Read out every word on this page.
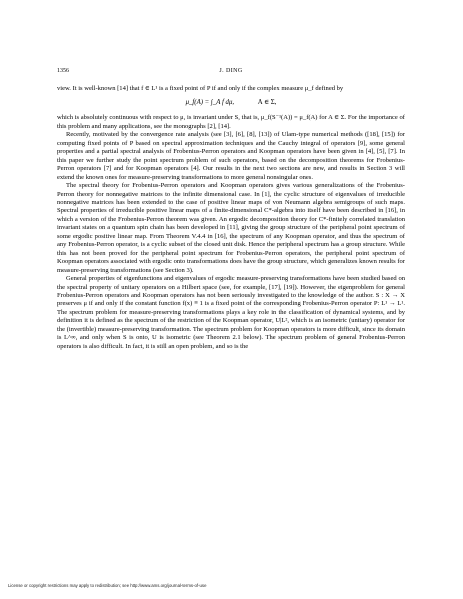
1356	J. DING

view. It is well-known [14] that f ∈ L¹ is a fixed point of P if and only if the complex measure μ_f defined by

μ_f(A) = ∫_A f dμ,	A ∈ Σ,

which is absolutely continuous with respect to μ, is invariant under S, that is, μ_f(S⁻¹(A)) = μ_f(A) for A ∈ Σ. For the importance of this problem and many applications, see the monographs [2], [14].

Recently, motivated by the convergence rate analysis (see [3], [6], [8], [13]) of Ulam-type numerical methods ([18], [15]) for computing fixed points of P based on spectral approximation techniques and the Cauchy integral of operators [9], some general properties and a partial spectral analysis of Frobenius-Perron operators and Koopman operators have been given in [4], [5], [7]. In this paper we further study the point spectrum problem of such operators, based on the decomposition theorems for Frobenius-Perron operators [7] and for Koopman operators [4]. Our results in the next two sections are new, and results in Section 3 will extend the known ones for measure-preserving transformations to more general nonsingular ones.

The spectral theory for Frobenius-Perron operators and Koopman operators gives various generalizations of the Frobenius-Perron theory for nonnegative matrices to the infinite dimensional case. In [1], the cyclic structure of eigenvalues of irreducible nonnegative matrices has been extended to the case of positive linear maps of von Neumann algebra semigroups of such maps. Spectral properties of irreducible positive linear maps of a finite-dimensional C*-algebra into itself have been described in [16], in which a version of the Frobenius-Perron theorem was given. An ergodic decomposition theory for C*-finitely correlated translation invariant states on a quantum spin chain has been developed in [11], giving the group structure of the peripheral point spectrum of some ergodic positive linear map. From Theorem V.4.4 in [16], the spectrum of any Koopman operator, and thus the spectrum of any Frobenius-Perron operator, is a cyclic subset of the closed unit disk. Hence the peripheral spectrum has a group structure. While this has not been proved for the peripheral point spectrum for Frobenius-Perron operators, the peripheral point spectrum of Koopman operators associated with ergodic onto transformations does have the group structure, which generalizes known results for measure-preserving transformations (see Section 3).

General properties of eigenfunctions and eigenvalues of ergodic measure-preserving transformations have been studied based on the spectral property of unitary operators on a Hilbert space (see, for example, [17], [19]). However, the eigenproblem for general Frobenius-Perron operators and Koopman operators has not been seriously investigated to the knowledge of the author. S : X → X preserves μ if and only if the constant function f(x) ≡ 1 is a fixed point of the corresponding Frobenius-Perron operator P: L¹ → L¹. The spectrum problem for measure-preserving transformations plays a key role in the classification of dynamical systems, and by definition it is defined as the spectrum of the restriction of the Koopman operator, U|L², which is an isometric (unitary) operator for the (invertible) measure-preserving transformation. The spectrum problem for Koopman operators is more difficult, since its domain is L^∞, and only when S is onto, U is isometric (see Theorem 2.1 below). The spectrum problem of general Frobenius-Perron operators is also difficult. In fact, it is still an open problem, and so is the

License or copyright restrictions may apply to redistribution; see http://www.ams.org/journal-terms-of-use
